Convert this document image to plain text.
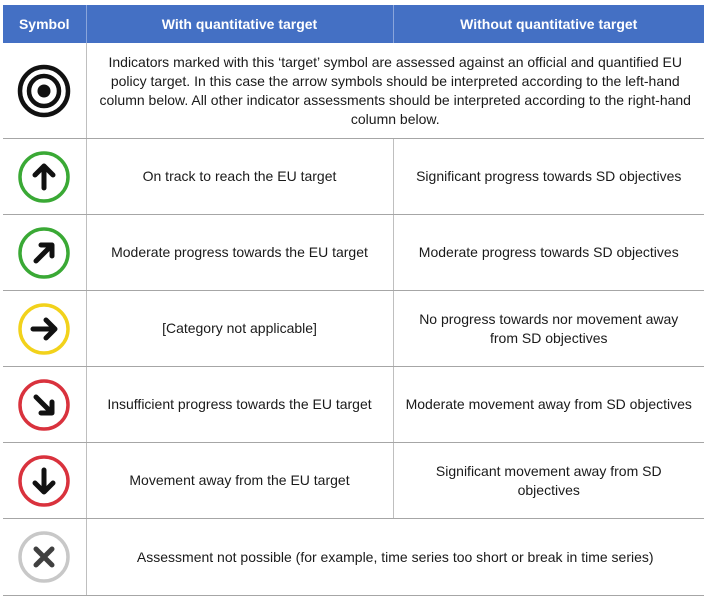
Symbol	With quantitative target	Without quantitative target

	Indicators marked with this ‘target’ symbol are assessed against an official and quantified EU policy target. In this case the arrow symbols should be interpreted according to the left-hand column below. All other indicator assessments should be interpreted according to the right-hand column below.	

	On track to reach the EU target	Significant progress towards SD objectives

	Moderate progress towards the EU target	Moderate progress towards SD objectives

	[Category not applicable]	No progress towards nor movement away from SD objectives

	Insufficient progress towards the EU target	Moderate movement away from SD objectives

	Movement away from the EU target	Significant movement away from SD objectives

	Assessment not possible (for example, time series too short or break in time series)	
